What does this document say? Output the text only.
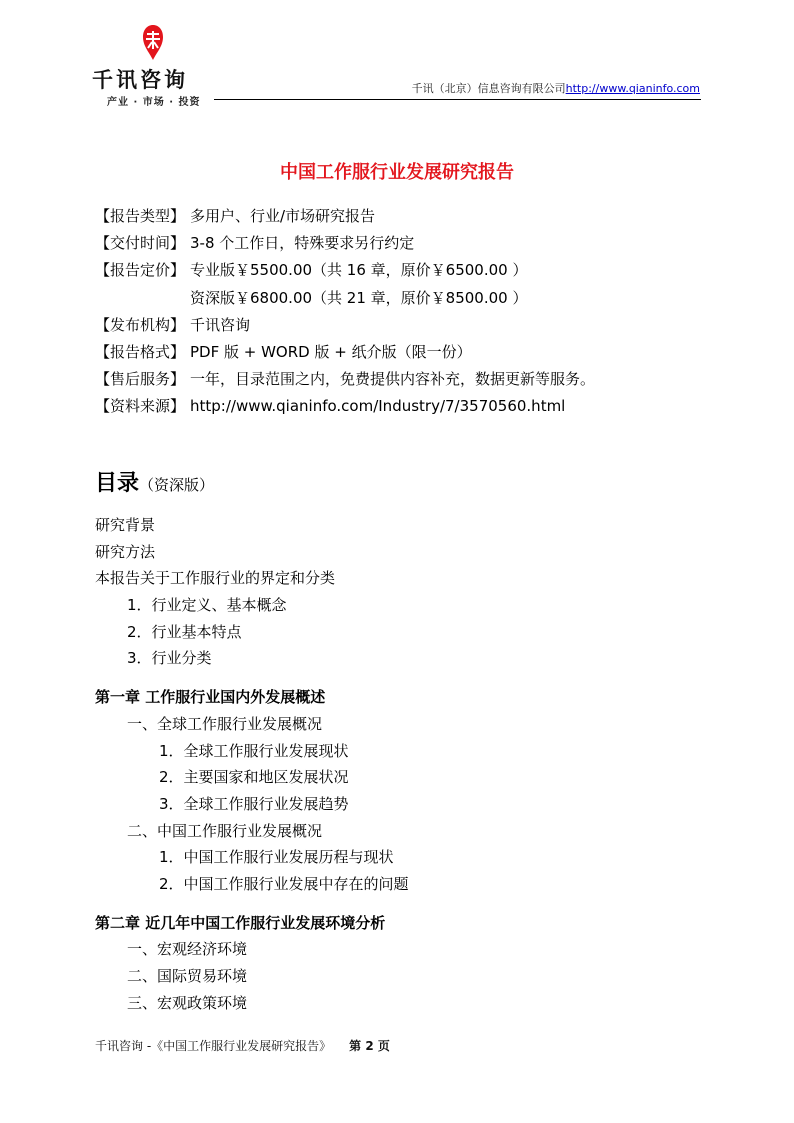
千讯咨询
产业 · 市场 · 投资
千讯（北京）信息咨询有限公司http://www.qianinfo.com
中国工作服行业发展研究报告
【报告类型】 多用户、行业/市场研究报告
【交付时间】 3-8 个工作日，特殊要求另行约定
【报告定价】 专业版￥5500.00（共 16 章，原价￥6500.00 ）
资深版￥6800.00（共 21 章，原价￥8500.00 ）
【发布机构】 千讯咨询
【报告格式】 PDF 版 + WORD 版 + 纸介版（限一份）
【售后服务】 一年，目录范围之内，免费提供内容补充，数据更新等服务。
【资料来源】 http://www.qianinfo.com/Industry/7/3570560.html
目录（资深版）
研究背景
研究方法
本报告关于工作服行业的界定和分类
1．行业定义、基本概念
2．行业基本特点
3．行业分类
第一章 工作服行业国内外发展概述
一、全球工作服行业发展概况
1．全球工作服行业发展现状
2．主要国家和地区发展状况
3．全球工作服行业发展趋势
二、中国工作服行业发展概况
1．中国工作服行业发展历程与现状
2．中国工作服行业发展中存在的问题
第二章 近几年中国工作服行业发展环境分析
一、宏观经济环境
二、国际贸易环境
三、宏观政策环境
千讯咨询 -《中国工作服行业发展研究报告》 第 2 页
